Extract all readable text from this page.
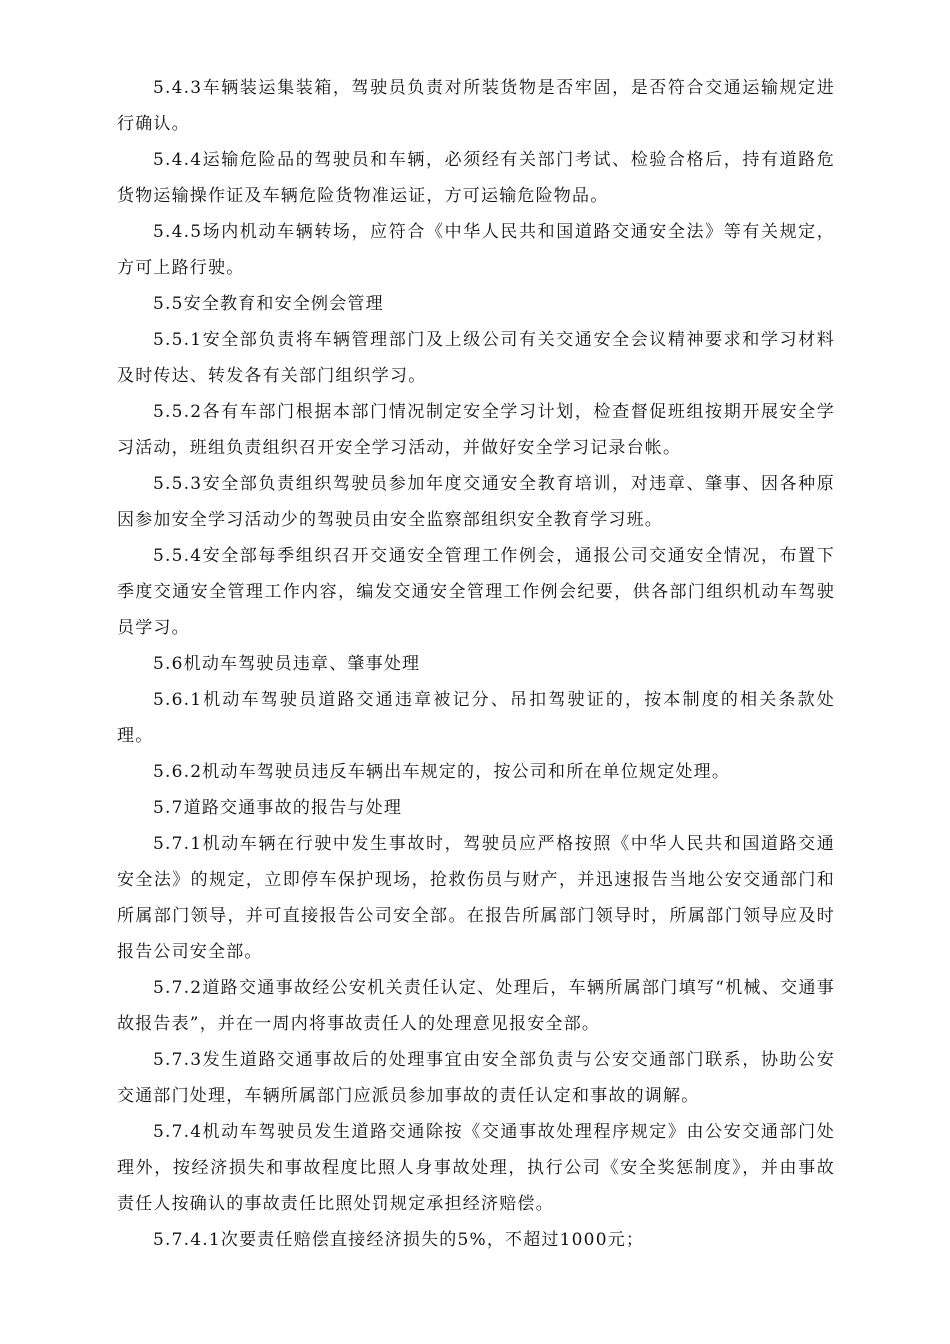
5.4.3车辆装运集装箱，驾驶员负责对所装货物是否牢固，是否符合交通运输规定进行确认。

5.4.4运输危险品的驾驶员和车辆，必须经有关部门考试、检验合格后，持有道路危货物运输操作证及车辆危险货物准运证，方可运输危险物品。

5.4.5场内机动车辆转场，应符合《中华人民共和国道路交通安全法》等有关规定，方可上路行驶。

5.5安全教育和安全例会管理

5.5.1安全部负责将车辆管理部门及上级公司有关交通安全会议精神要求和学习材料及时传达、转发各有关部门组织学习。

5.5.2各有车部门根据本部门情况制定安全学习计划，检查督促班组按期开展安全学习活动，班组负责组织召开安全学习活动，并做好安全学习记录台帐。

5.5.3安全部负责组织驾驶员参加年度交通安全教育培训，对违章、肇事、因各种原因参加安全学习活动少的驾驶员由安全监察部组织安全教育学习班。

5.5.4安全部每季组织召开交通安全管理工作例会，通报公司交通安全情况，布置下季度交通安全管理工作内容，编发交通安全管理工作例会纪要，供各部门组织机动车驾驶员学习。

5.6机动车驾驶员违章、肇事处理

5.6.1机动车驾驶员道路交通违章被记分、吊扣驾驶证的，按本制度的相关条款处理。

5.6.2机动车驾驶员违反车辆出车规定的，按公司和所在单位规定处理。

5.7道路交通事故的报告与处理

5.7.1机动车辆在行驶中发生事故时，驾驶员应严格按照《中华人民共和国道路交通安全法》的规定，立即停车保护现场，抢救伤员与财产，并迅速报告当地公安交通部门和所属部门领导，并可直接报告公司安全部。在报告所属部门领导时，所属部门领导应及时报告公司安全部。

5.7.2道路交通事故经公安机关责任认定、处理后，车辆所属部门填写“机械、交通事故报告表”，并在一周内将事故责任人的处理意见报安全部。

5.7.3发生道路交通事故后的处理事宜由安全部负责与公安交通部门联系，协助公安交通部门处理，车辆所属部门应派员参加事故的责任认定和事故的调解。

5.7.4机动车驾驶员发生道路交通除按《交通事故处理程序规定》由公安交通部门处理外，按经济损失和事故程度比照人身事故处理，执行公司《安全奖惩制度》，并由事故责任人按确认的事故责任比照处罚规定承担经济赔偿。

5.7.4.1次要责任赔偿直接经济损失的5%，不超过1000元；
